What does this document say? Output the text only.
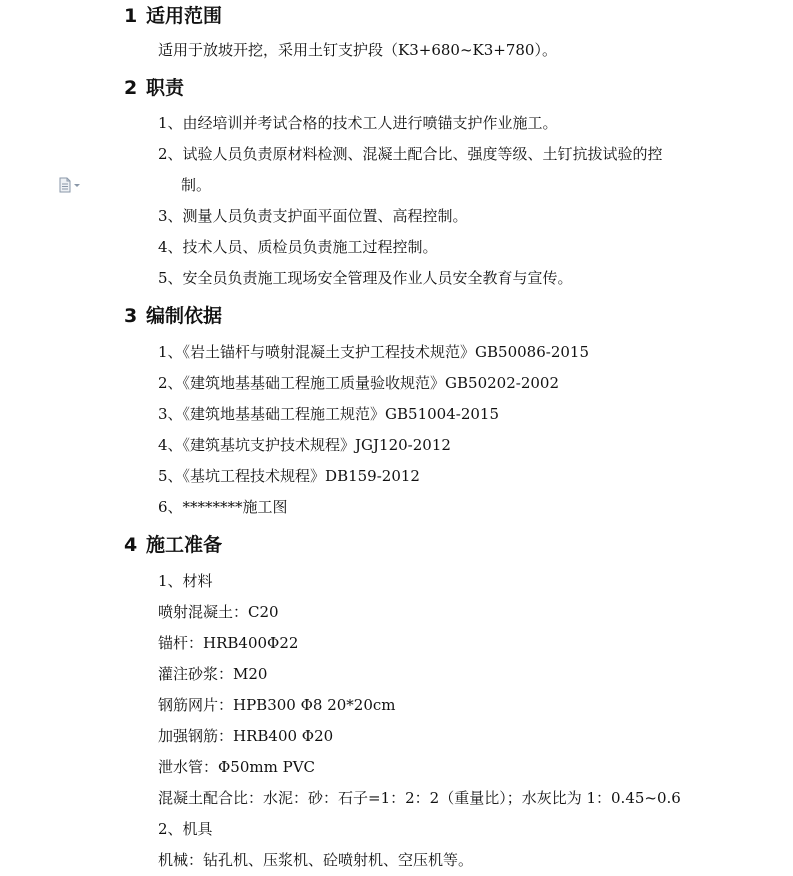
1 适用范围
适用于放坡开挖，采用土钉支护段（K3+680~K3+780）。
2 职责
1、由经培训并考试合格的技术工人进行喷锚支护作业施工。
2、试验人员负责原材料检测、混凝土配合比、强度等级、土钉抗拔试验的控
制。
3、测量人员负责支护面平面位置、高程控制。
4、技术人员、质检员负责施工过程控制。
5、安全员负责施工现场安全管理及作业人员安全教育与宣传。
3 编制依据
1、《岩土锚杆与喷射混凝土支护工程技术规范》GB50086-2015
2、《建筑地基基础工程施工质量验收规范》GB50202-2002
3、《建筑地基基础工程施工规范》GB51004-2015
4、《建筑基坑支护技术规程》JGJ120-2012
5、《基坑工程技术规程》DB159-2012
6、********施工图
4 施工准备
1、材料
喷射混凝土：C20
锚杆：HRB400Φ22
灌注砂浆：M20
钢筋网片：HPB300 Φ8 20*20cm
加强钢筋：HRB400 Φ20
泄水管：Φ50mm PVC
混凝土配合比：水泥：砂：石子=1：2：2（重量比）；水灰比为 1：0.45~0.6
2、机具
机械：钻孔机、压浆机、砼喷射机、空压机等。
